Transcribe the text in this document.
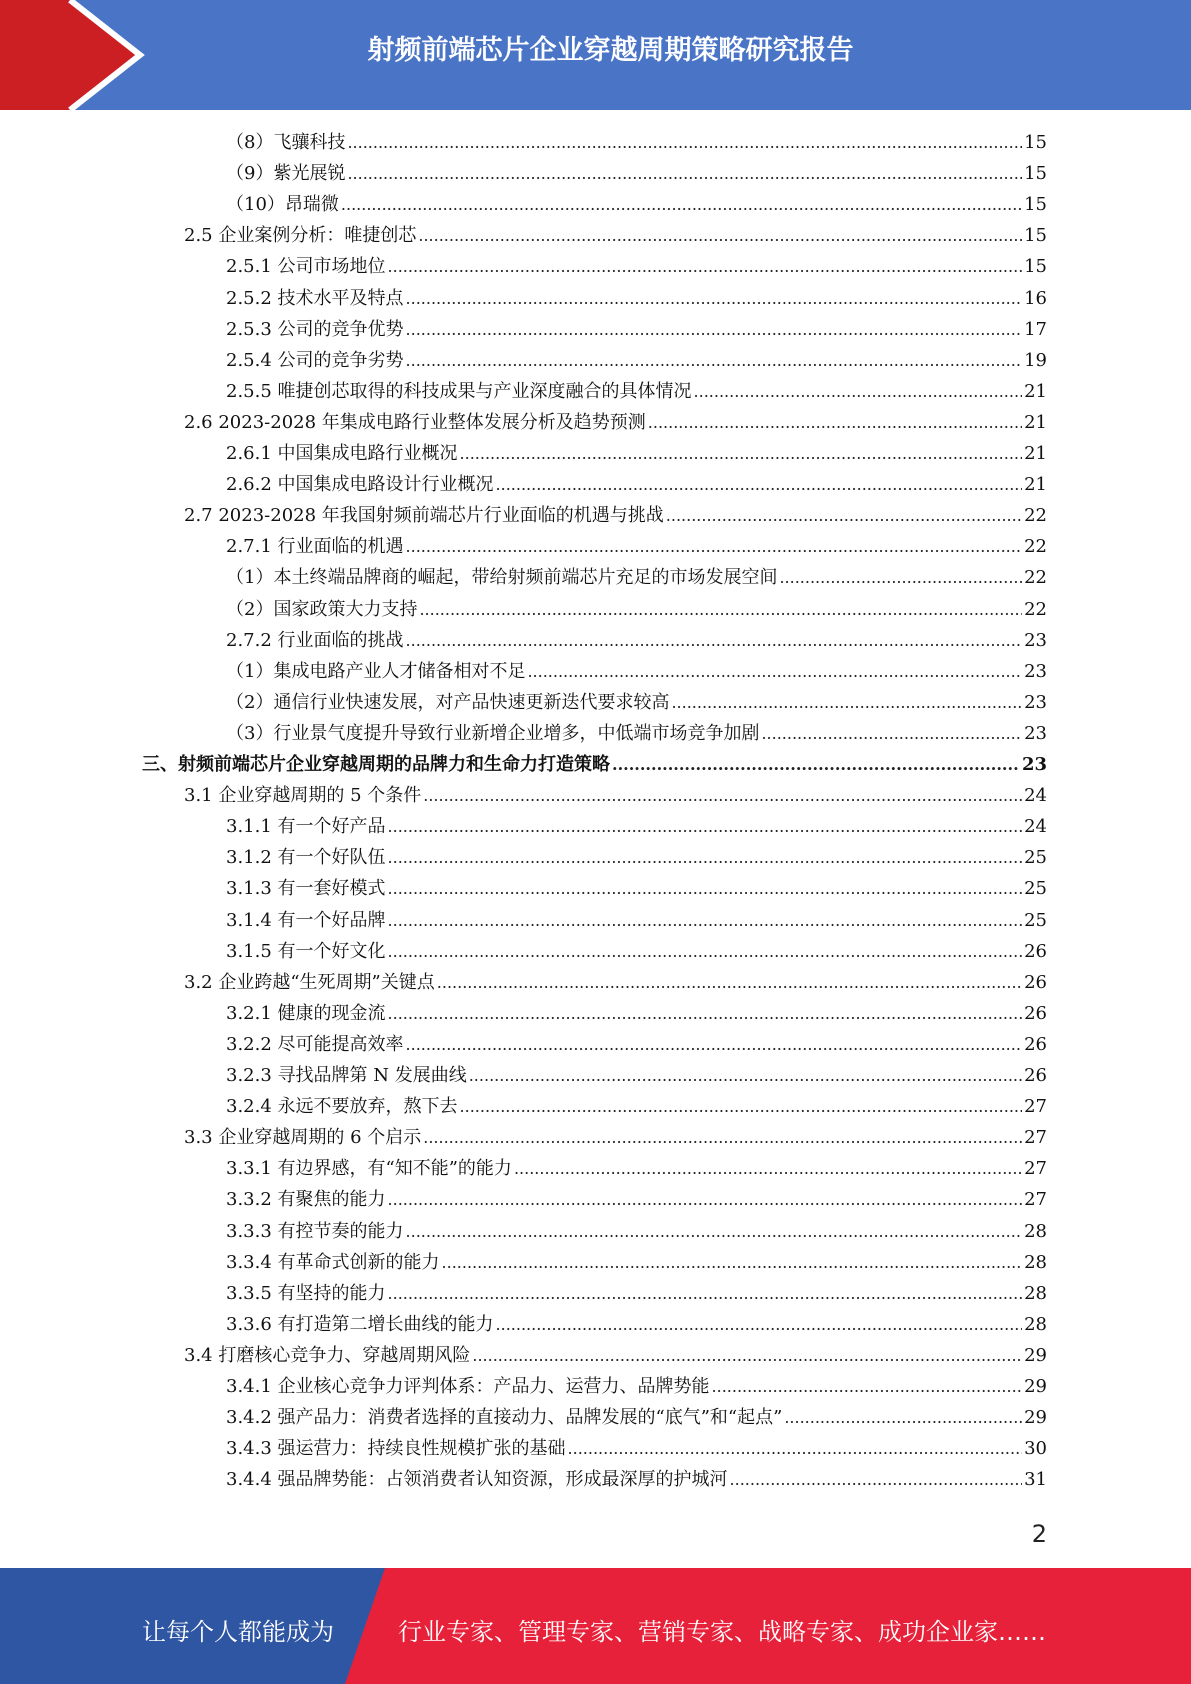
射频前端芯片企业穿越周期策略研究报告
（8）飞骧科技 .....	15
（9）紫光展锐 .....	15
（10）昂瑞微 .....	15
2.5 企业案例分析：唯捷创芯 .....	15
2.5.1 公司市场地位 .....	15
2.5.2 技术水平及特点 .....	16
2.5.3 公司的竞争优势 .....	17
2.5.4 公司的竞争劣势 .....	19
2.5.5 唯捷创芯取得的科技成果与产业深度融合的具体情况 .....	21
2.6 2023-2028 年集成电路行业整体发展分析及趋势预测 .....	21
2.6.1 中国集成电路行业概况 .....	21
2.6.2 中国集成电路设计行业概况 .....	21
2.7 2023-2028 年我国射频前端芯片行业面临的机遇与挑战 .....	22
2.7.1 行业面临的机遇 .....	22
（1）本土终端品牌商的崛起，带给射频前端芯片充足的市场发展空间 .....	22
（2）国家政策大力支持 .....	22
2.7.2 行业面临的挑战 .....	23
（1）集成电路产业人才储备相对不足 .....	23
（2）通信行业快速发展，对产品快速更新迭代要求较高 .....	23
（3）行业景气度提升导致行业新增企业增多，中低端市场竞争加剧 .....	23
三、射频前端芯片企业穿越周期的品牌力和生命力打造策略 .....	23
3.1 企业穿越周期的 5 个条件 .....	24
3.1.1 有一个好产品 .....	24
3.1.2 有一个好队伍 .....	25
3.1.3 有一套好模式 .....	25
3.1.4 有一个好品牌 .....	25
3.1.5 有一个好文化 .....	26
3.2 企业跨越“生死周期”关键点 .....	26
3.2.1 健康的现金流 .....	26
3.2.2 尽可能提高效率 .....	26
3.2.3 寻找品牌第 N 发展曲线 .....	26
3.2.4 永远不要放弃，熬下去 .....	27
3.3 企业穿越周期的 6 个启示 .....	27
3.3.1 有边界感，有“知不能”的能力 .....	27
3.3.2 有聚焦的能力 .....	27
3.3.3 有控节奏的能力 .....	28
3.3.4 有革命式创新的能力 .....	28
3.3.5 有坚持的能力 .....	28
3.3.6 有打造第二增长曲线的能力 .....	28
3.4 打磨核心竞争力、穿越周期风险 .....	29
3.4.1 企业核心竞争力评判体系：产品力、运营力、品牌势能 .....	29
3.4.2 强产品力：消费者选择的直接动力、品牌发展的“底气”和“起点” .....	29
3.4.3 强运营力：持续良性规模扩张的基础 .....	30
3.4.4 强品牌势能：占领消费者认知资源，形成最深厚的护城河 .....	31
2
让每个人都能成为	行业专家、管理专家、营销专家、战略专家、成功企业家……
